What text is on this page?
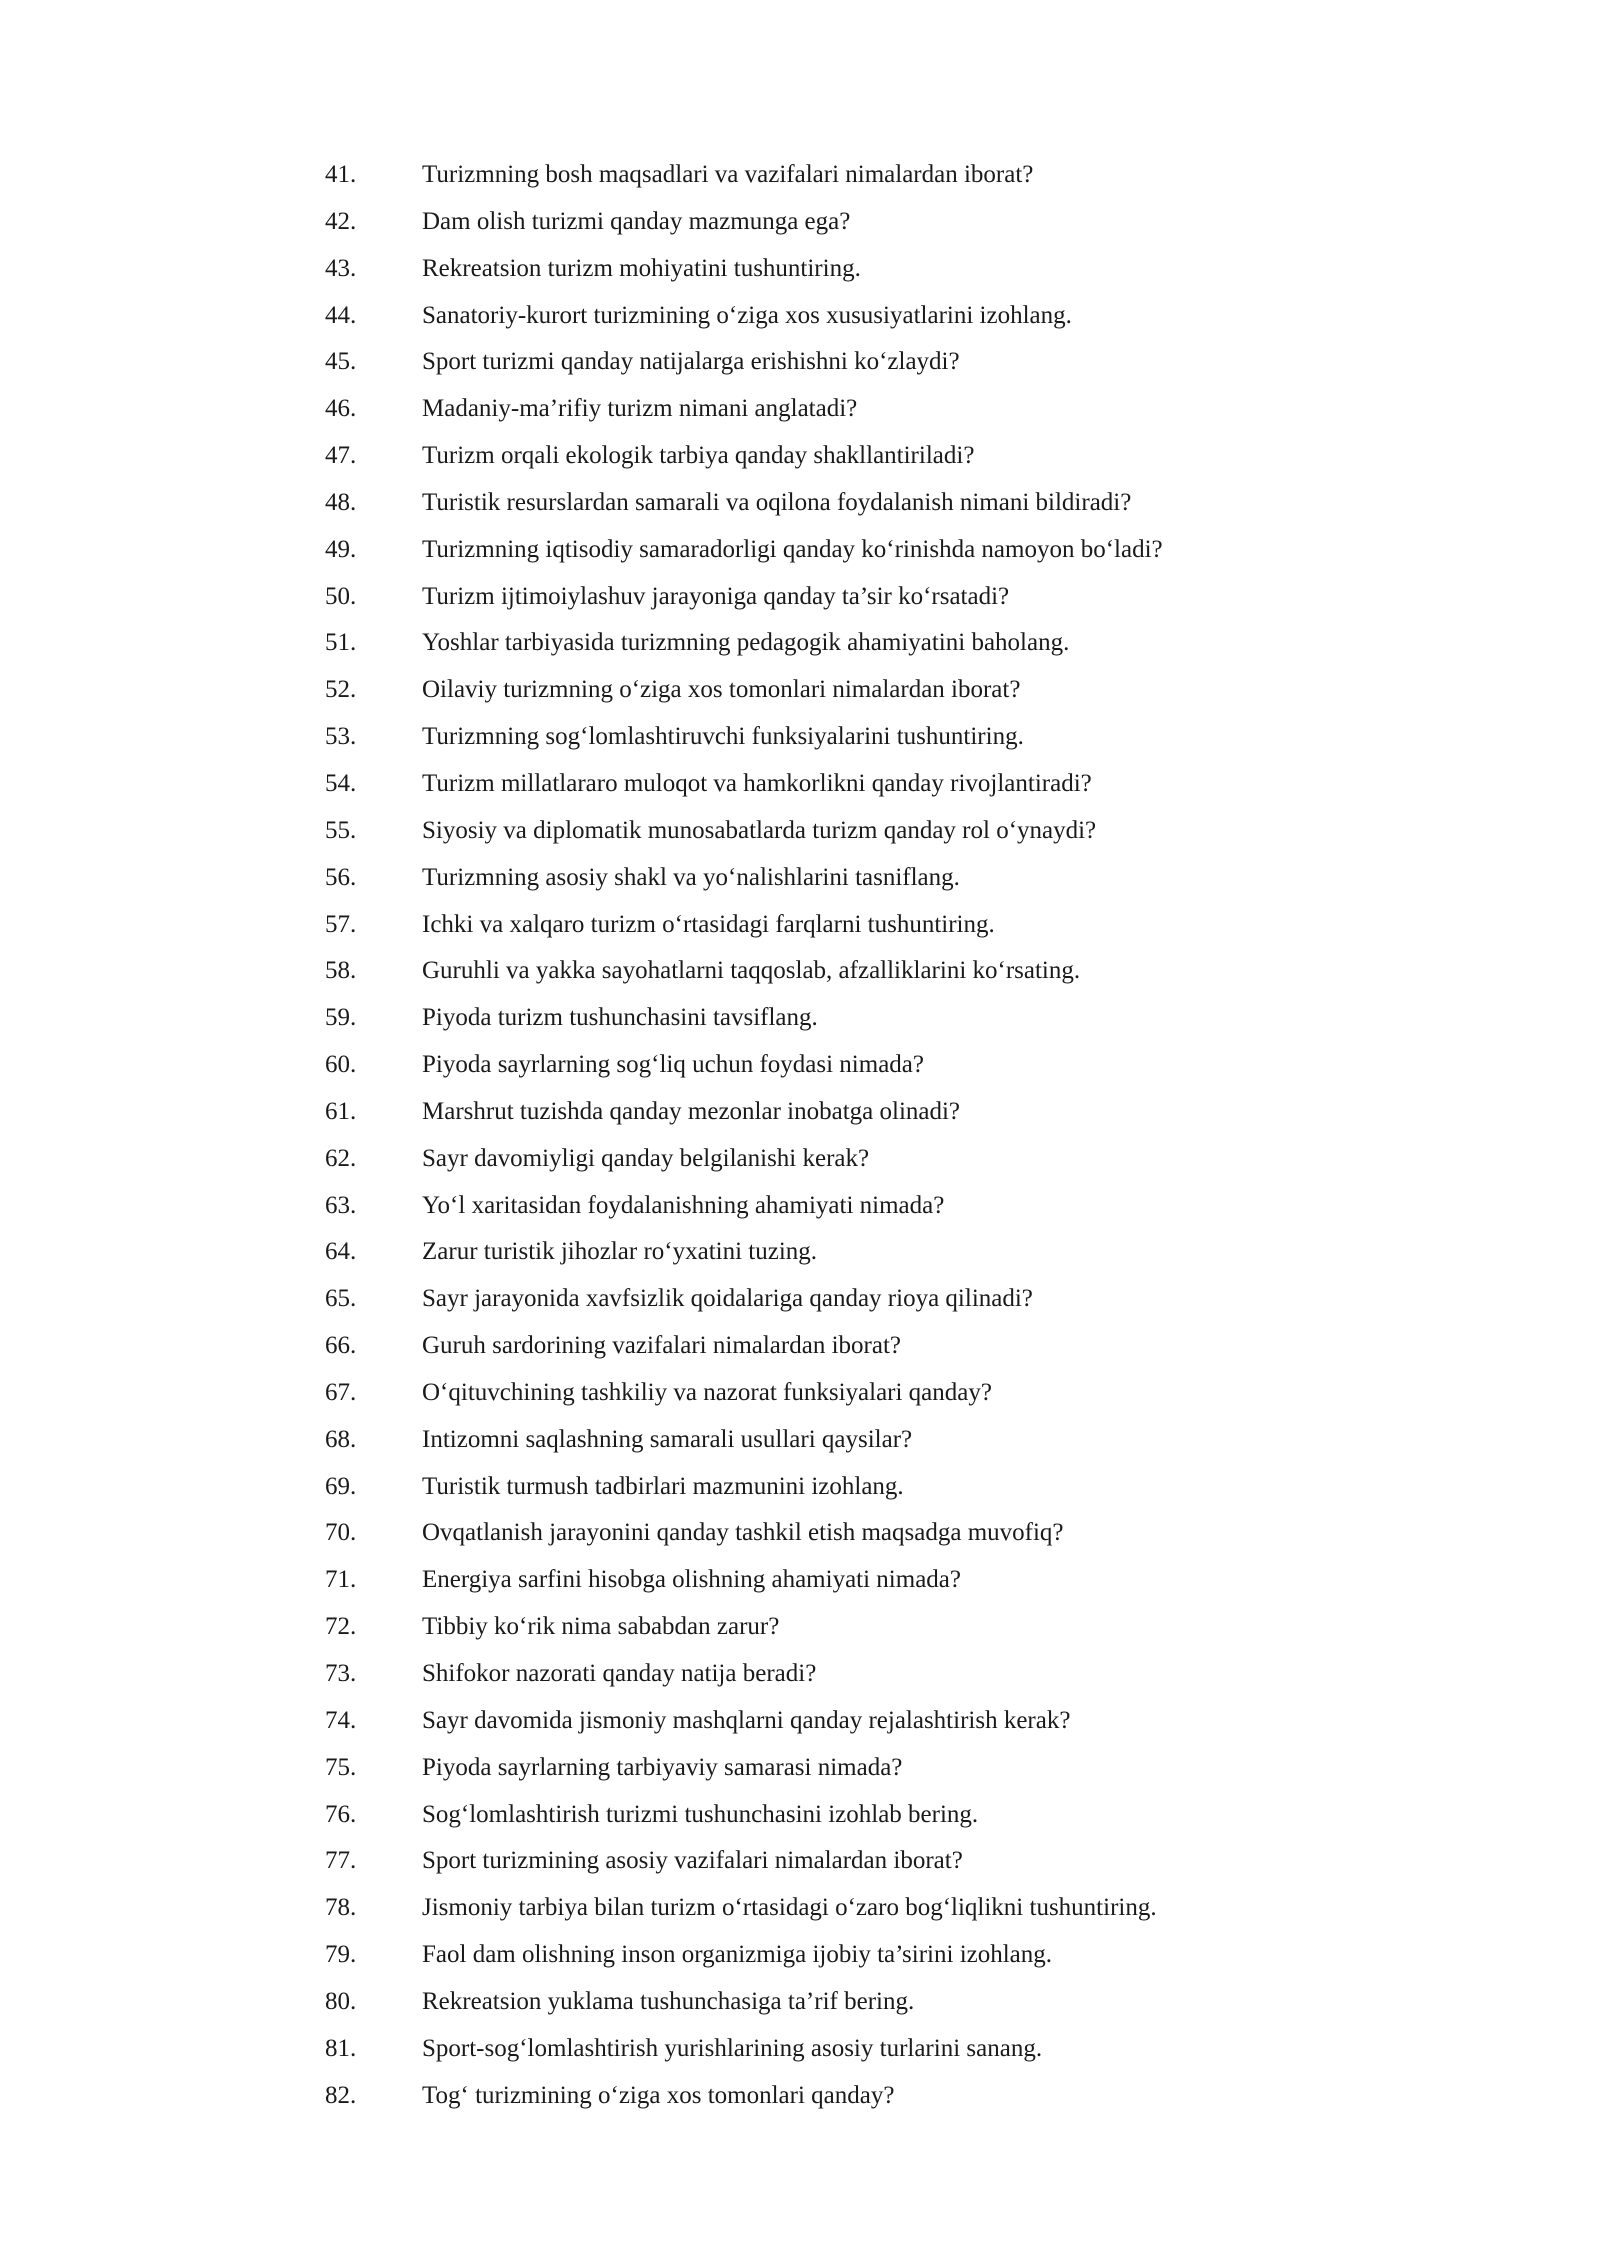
41.	Turizmning bosh maqsadlari va vazifalari nimalardan iborat?
42.	Dam olish turizmi qanday mazmunga ega?
43.	Rekreatsion turizm mohiyatini tushuntiring.
44.	Sanatoriy-kurort turizmining o‘ziga xos xususiyatlarini izohlang.
45.	Sport turizmi qanday natijalarga erishishni ko‘zlaydi?
46.	Madaniy-ma’rifiy turizm nimani anglatadi?
47.	Turizm orqali ekologik tarbiya qanday shakllantiriladi?
48.	Turistik resurslardan samarali va oqilona foydalanish nimani bildiradi?
49.	Turizmning iqtisodiy samaradorligi qanday ko‘rinishda namoyon bo‘ladi?
50.	Turizm ijtimoiylashuv jarayoniga qanday ta’sir ko‘rsatadi?
51.	Yoshlar tarbiyasida turizmning pedagogik ahamiyatini baholang.
52.	Oilaviy turizmning o‘ziga xos tomonlari nimalardan iborat?
53.	Turizmning sog‘lomlashtiruvchi funksiyalarini tushuntiring.
54.	Turizm millatlararo muloqot va hamkorlikni qanday rivojlantiradi?
55.	Siyosiy va diplomatik munosabatlarda turizm qanday rol o‘ynaydi?
56.	Turizmning asosiy shakl va yo‘nalishlarini tasniflang.
57.	Ichki va xalqaro turizm o‘rtasidagi farqlarni tushuntiring.
58.	Guruhli va yakka sayohatlarni taqqoslab, afzalliklarini ko‘rsating.
59.	Piyoda turizm tushunchasini tavsiflang.
60.	Piyoda sayrlarning sog‘liq uchun foydasi nimada?
61.	Marshrut tuzishda qanday mezonlar inobatga olinadi?
62.	Sayr davomiyligi qanday belgilanishi kerak?
63.	Yo‘l xaritasidan foydalanishning ahamiyati nimada?
64.	Zarur turistik jihozlar ro‘yxatini tuzing.
65.	Sayr jarayonida xavfsizlik qoidalariga qanday rioya qilinadi?
66.	Guruh sardorining vazifalari nimalardan iborat?
67.	O‘qituvchining tashkiliy va nazorat funksiyalari qanday?
68.	Intizomni saqlashning samarali usullari qaysilar?
69.	Turistik turmush tadbirlari mazmunini izohlang.
70.	Ovqatlanish jarayonini qanday tashkil etish maqsadga muvofiq?
71.	Energiya sarfini hisobga olishning ahamiyati nimada?
72.	Tibbiy ko‘rik nima sababdan zarur?
73.	Shifokor nazorati qanday natija beradi?
74.	Sayr davomida jismoniy mashqlarni qanday rejalashtirish kerak?
75.	Piyoda sayrlarning tarbiyaviy samarasi nimada?
76.	Sog‘lomlashtirish turizmi tushunchasini izohlab bering.
77.	Sport turizmining asosiy vazifalari nimalardan iborat?
78.	Jismoniy tarbiya bilan turizm o‘rtasidagi o‘zaro bog‘liqlikni tushuntiring.
79.	Faol dam olishning inson organizmiga ijobiy ta’sirini izohlang.
80.	Rekreatsion yuklama tushunchasiga ta’rif bering.
81.	Sport-sog‘lomlashtirish yurishlarining asosiy turlarini sanang.
82.	Tog‘ turizmining o‘ziga xos tomonlari qanday?
